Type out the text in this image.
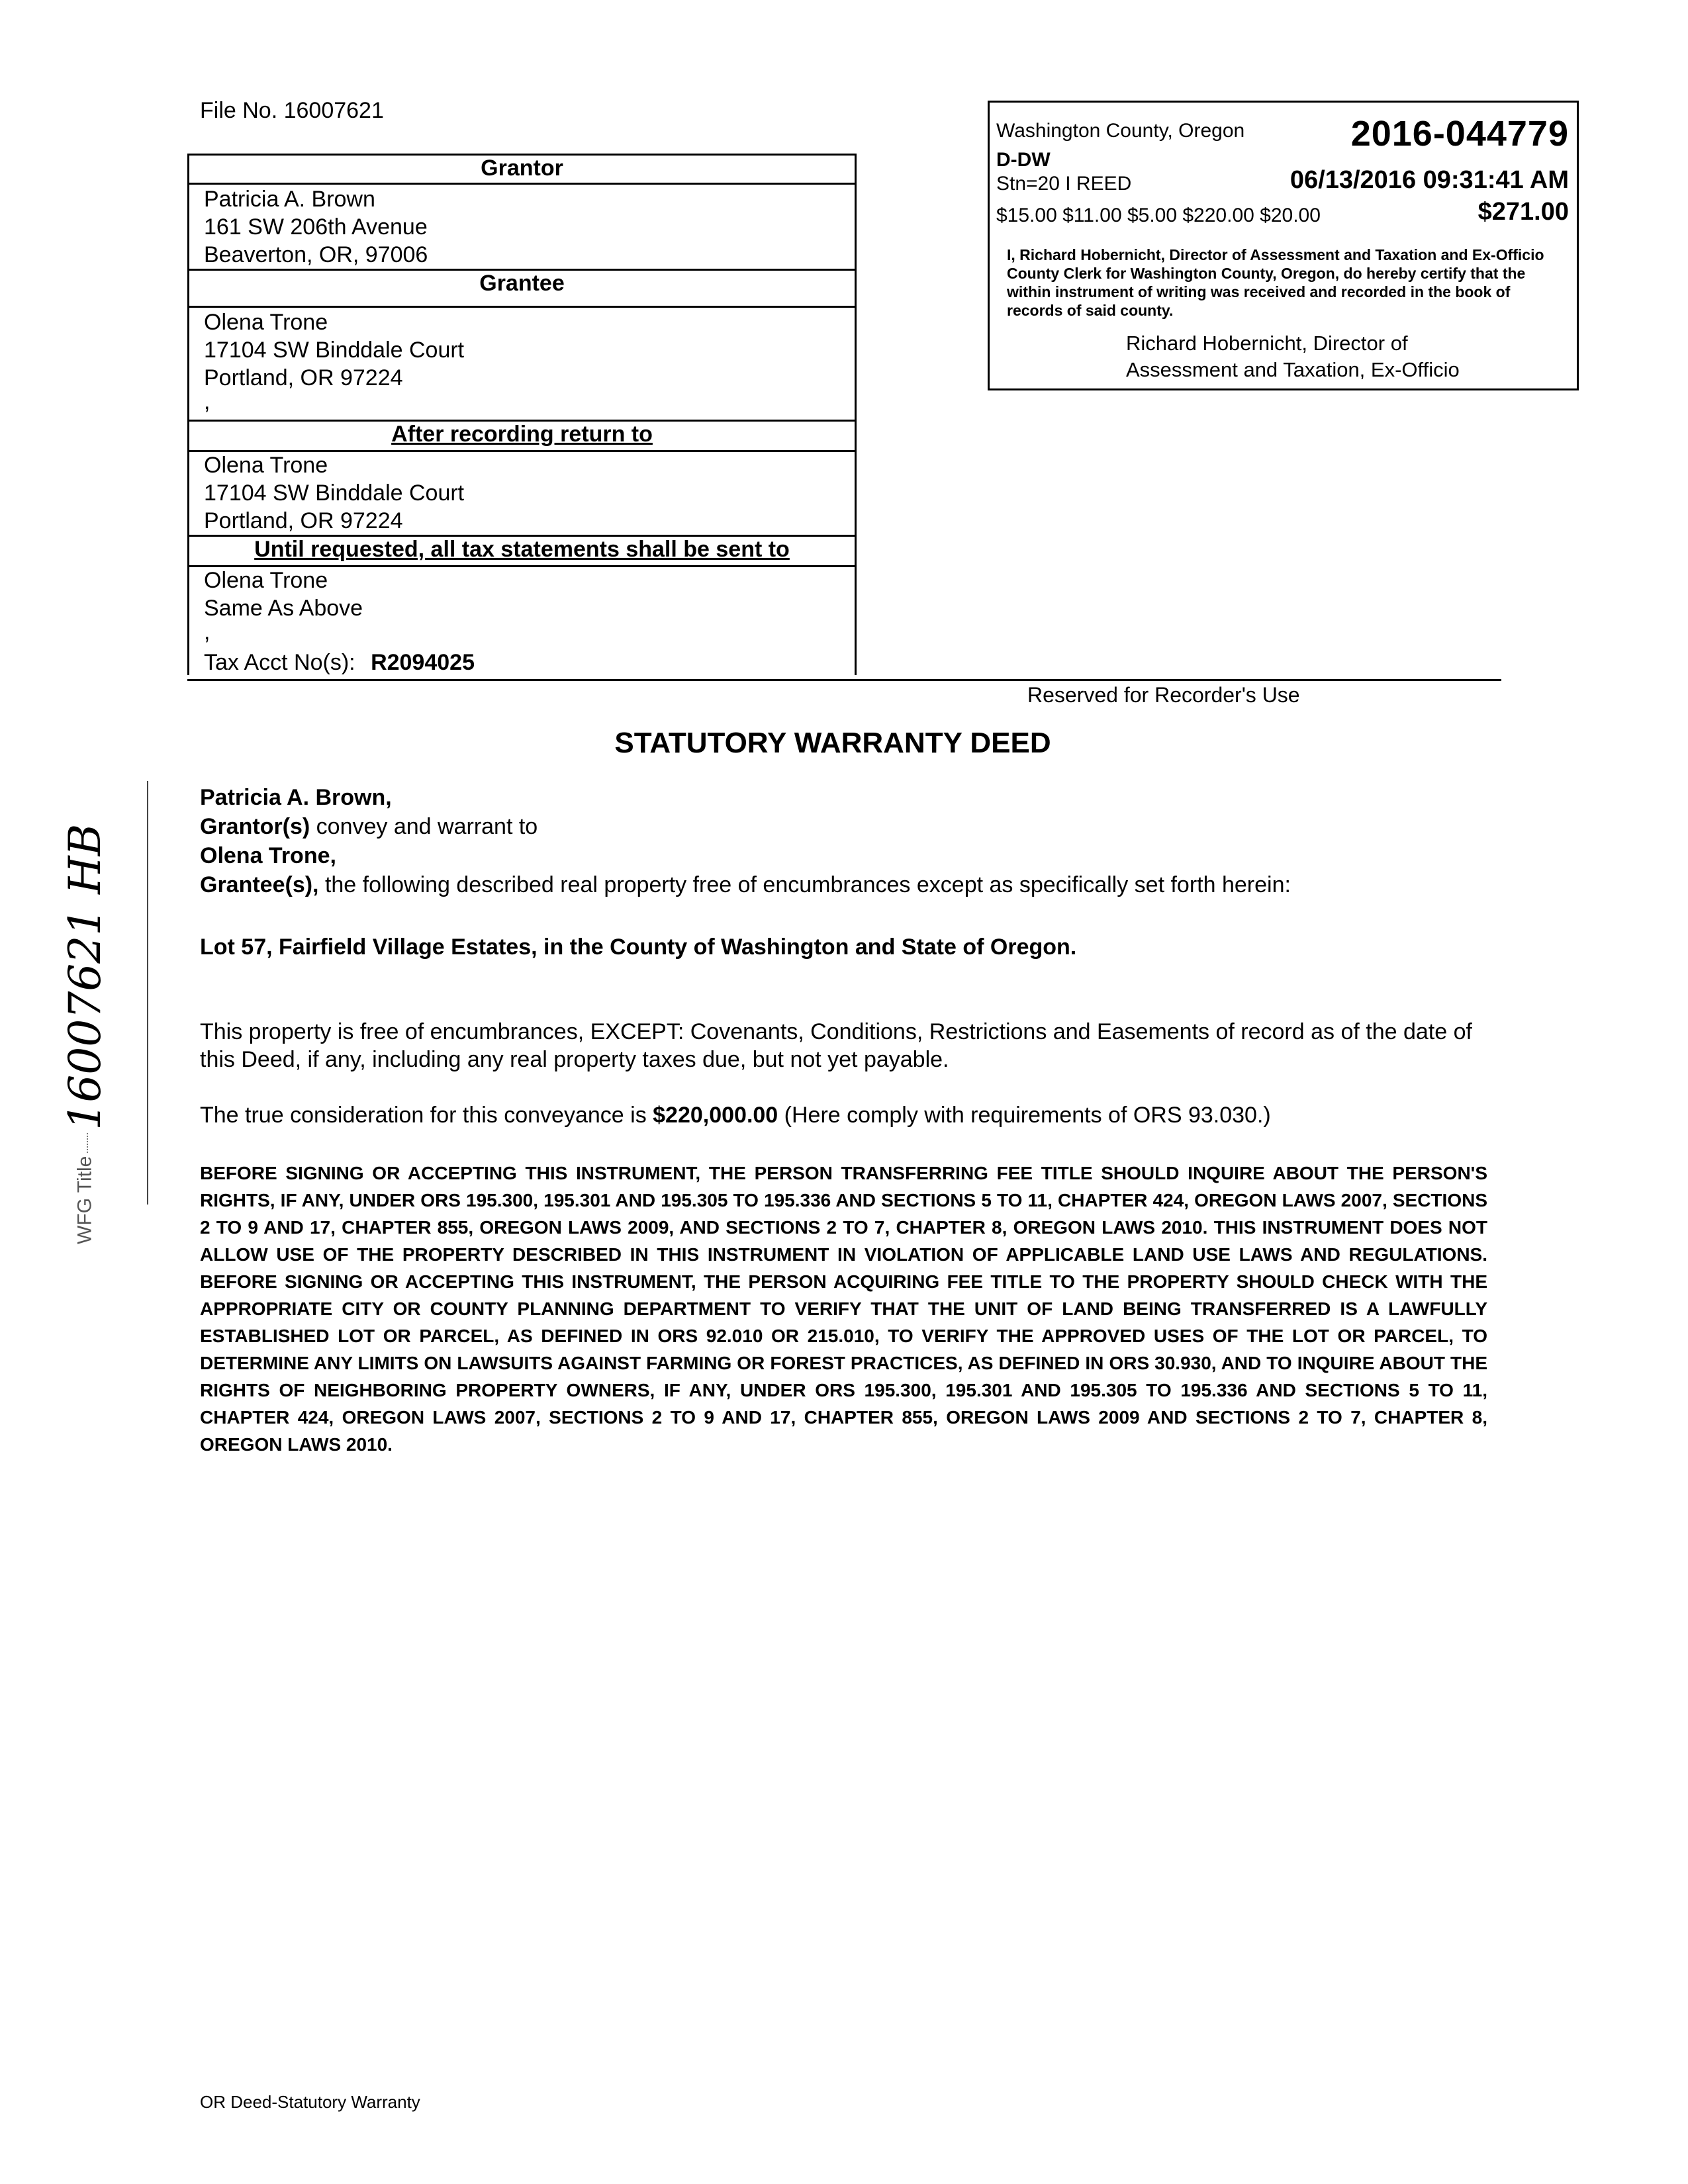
File No. 16007621
Grantor
Patricia A. Brown
161 SW 206th Avenue
Beaverton, OR, 97006
Grantee
Olena Trone
17104 SW Binddale Court
Portland, OR 97224
,
After recording return to
Olena Trone
17104 SW Binddale Court
Portland, OR 97224
Until requested, all tax statements shall be sent to
Olena Trone
Same As Above
,
Tax Acct No(s): R2094025
Reserved for Recorder's Use
Washington County, Oregon	2016-044779
D-DW
Stn=20 I REED	06/13/2016 09:31:41 AM
$15.00 $11.00 $5.00 $220.00 $20.00	$271.00
I, Richard Hobernicht, Director of Assessment and Taxation and Ex-Officio County Clerk for Washington County, Oregon, do hereby certify that the within instrument of writing was received and recorded in the book of records of said county.
Richard Hobernicht, Director of
Assessment and Taxation, Ex-Officio
STATUTORY WARRANTY DEED
Patricia A. Brown,
Grantor(s) convey and warrant to
Olena Trone,
Grantee(s), the following described real property free of encumbrances except as specifically set forth herein:
Lot 57, Fairfield Village Estates, in the County of Washington and State of Oregon.
This property is free of encumbrances, EXCEPT: Covenants, Conditions, Restrictions and Easements of record as of the date of this Deed, if any, including any real property taxes due, but not yet payable.
The true consideration for this conveyance is $220,000.00 (Here comply with requirements of ORS 93.030.)
BEFORE SIGNING OR ACCEPTING THIS INSTRUMENT, THE PERSON TRANSFERRING FEE TITLE SHOULD INQUIRE ABOUT THE PERSON'S RIGHTS, IF ANY, UNDER ORS 195.300, 195.301 AND 195.305 TO 195.336 AND SECTIONS 5 TO 11, CHAPTER 424, OREGON LAWS 2007, SECTIONS 2 TO 9 AND 17, CHAPTER 855, OREGON LAWS 2009, AND SECTIONS 2 TO 7, CHAPTER 8, OREGON LAWS 2010. THIS INSTRUMENT DOES NOT ALLOW USE OF THE PROPERTY DESCRIBED IN THIS INSTRUMENT IN VIOLATION OF APPLICABLE LAND USE LAWS AND REGULATIONS. BEFORE SIGNING OR ACCEPTING THIS INSTRUMENT, THE PERSON ACQUIRING FEE TITLE TO THE PROPERTY SHOULD CHECK WITH THE APPROPRIATE CITY OR COUNTY PLANNING DEPARTMENT TO VERIFY THAT THE UNIT OF LAND BEING TRANSFERRED IS A LAWFULLY ESTABLISHED LOT OR PARCEL, AS DEFINED IN ORS 92.010 OR 215.010, TO VERIFY THE APPROVED USES OF THE LOT OR PARCEL, TO DETERMINE ANY LIMITS ON LAWSUITS AGAINST FARMING OR FOREST PRACTICES, AS DEFINED IN ORS 30.930, AND TO INQUIRE ABOUT THE RIGHTS OF NEIGHBORING PROPERTY OWNERS, IF ANY, UNDER ORS 195.300, 195.301 AND 195.305 TO 195.336 AND SECTIONS 5 TO 11, CHAPTER 424, OREGON LAWS 2007, SECTIONS 2 TO 9 AND 17, CHAPTER 855, OREGON LAWS 2009 AND SECTIONS 2 TO 7, CHAPTER 8, OREGON LAWS 2010.
WFG Title  16007621 HB
OR Deed-Statutory Warranty
